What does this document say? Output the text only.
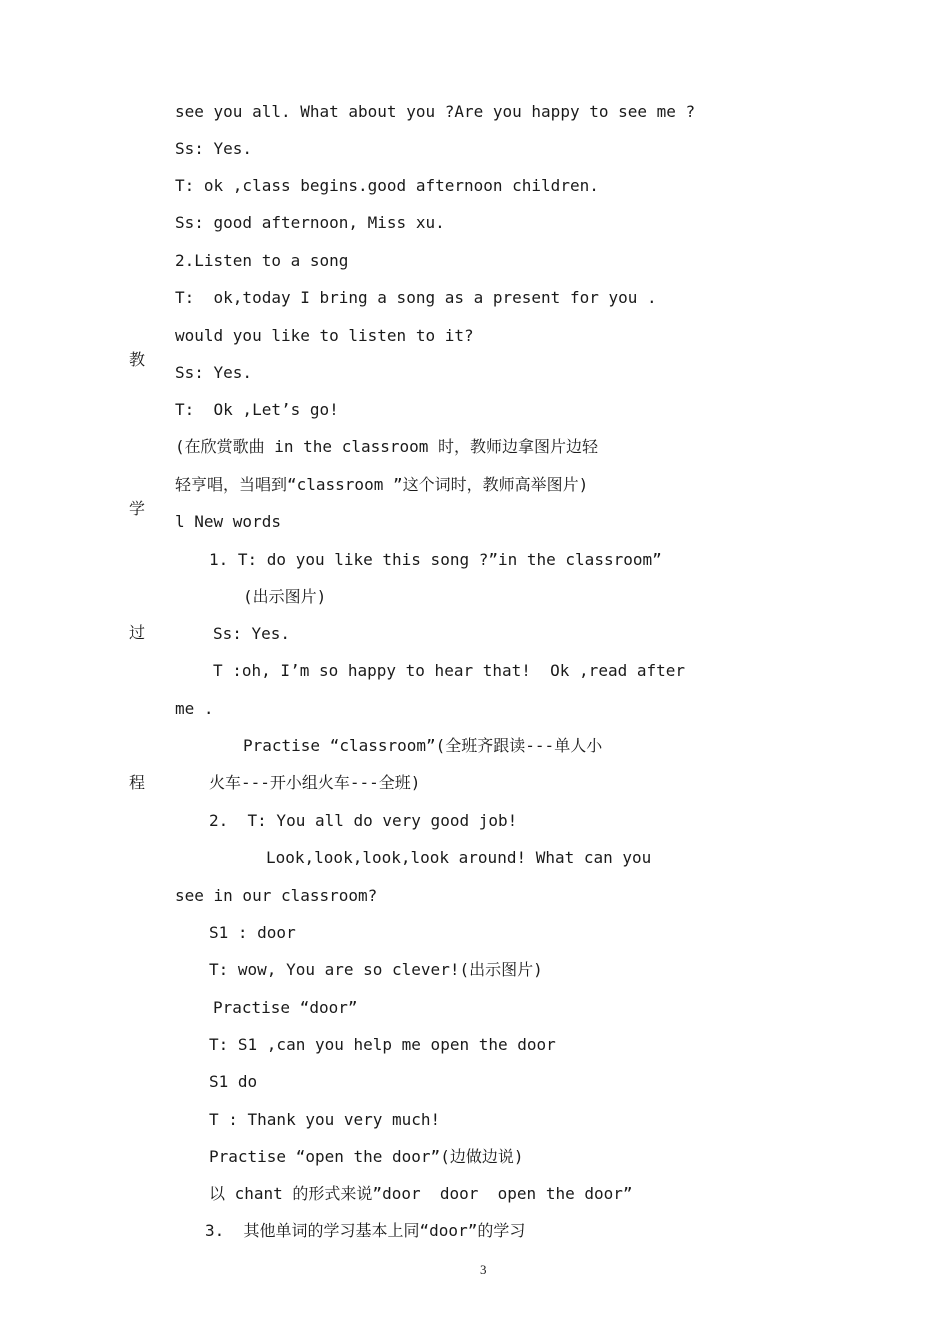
教
学
过
程
see you all. What about you ?Are you happy to see me ?
Ss: Yes.
T: ok ,class begins.good afternoon children.
Ss: good afternoon, Miss xu.
2.Listen to a song
T:  ok,today I bring a song as a present for you .
would you like to listen to it?
Ss: Yes.
T:  Ok ,Let’s go!
(在欣赏歌曲 in the classroom 时，教师边拿图片边轻
轻亨唱，当唱到“classroom ”这个词时，教师高举图片)
l New words
1. T: do you like this song ?”in the classroom”
(出示图片)
Ss: Yes.
T :oh, I’m so happy to hear that!  Ok ,read after
me .
Practise “classroom”(全班齐跟读---单人小
火车---开小组火车---全班)
2.  T: You all do very good job!
Look,look,look,look around! What can you
see in our classroom?
S1 : door
T: wow, You are so clever!(出示图片)
Practise “door”
T: S1 ,can you help me open the door
S1 do
T : Thank you very much!
Practise “open the door”(边做边说)
以 chant 的形式来说”door  door  open the door”
3.  其他单词的学习基本上同“door”的学习
3
